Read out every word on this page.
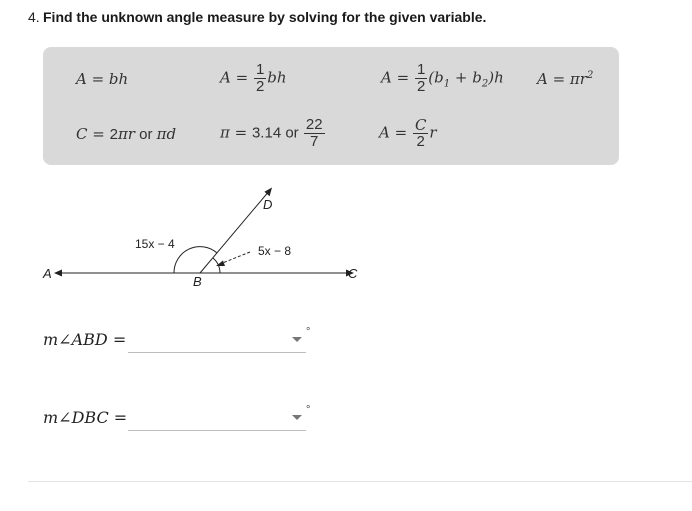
4. Find the unknown angle measure by solving for the given variable.
A = bh	$A = \frac{1}{2}$ bh	$A = \frac{1}{2} (b_1 + b_2)h$ $A = \pi r^2$
C = 2πr or πd	π = 3.14 or $\frac{22}{7}$	$A = \frac{C}{2}$ r
A
B
C
D
15x − 4	5x − 8
m∠ABD =	°
m∠DBC =	°
